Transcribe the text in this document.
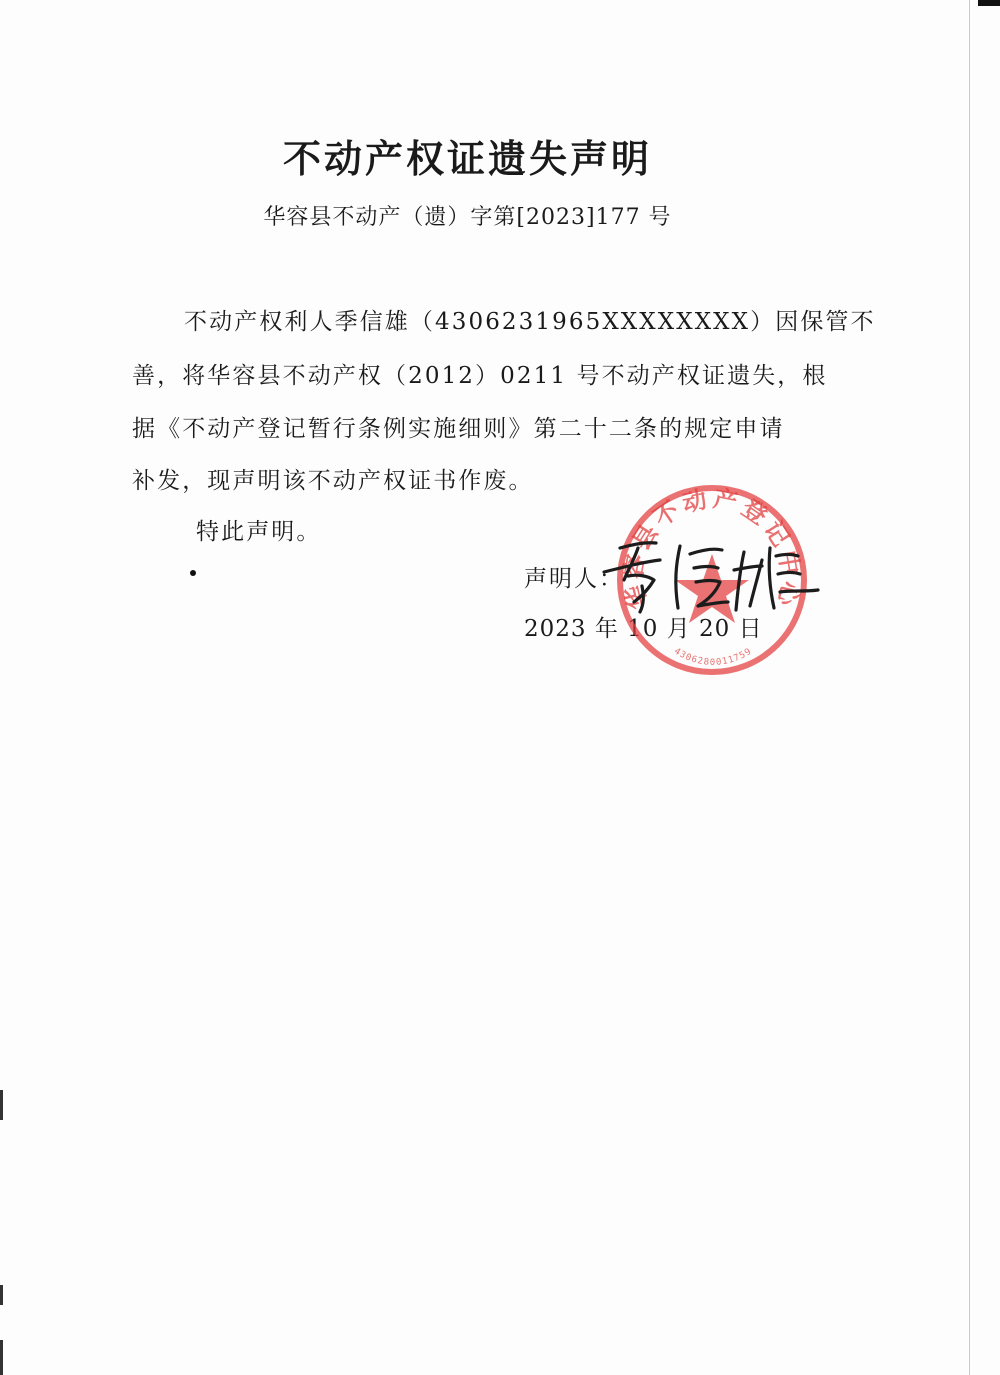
不动产权证遗失声明
华容县不动产（遗）字第[2023]177 号
不动产权利人季信雄（4306231965XXXXXXXX）因保管不
善，将华容县不动产权（2012）0211 号不动产权证遗失，根
据《不动产登记暂行条例实施细则》第二十二条的规定申请
补发，现声明该不动产权证书作废。
特此声明。
声明人：
2023 年 10 月 20 日
华容县不动产登记中心
4306280011759
